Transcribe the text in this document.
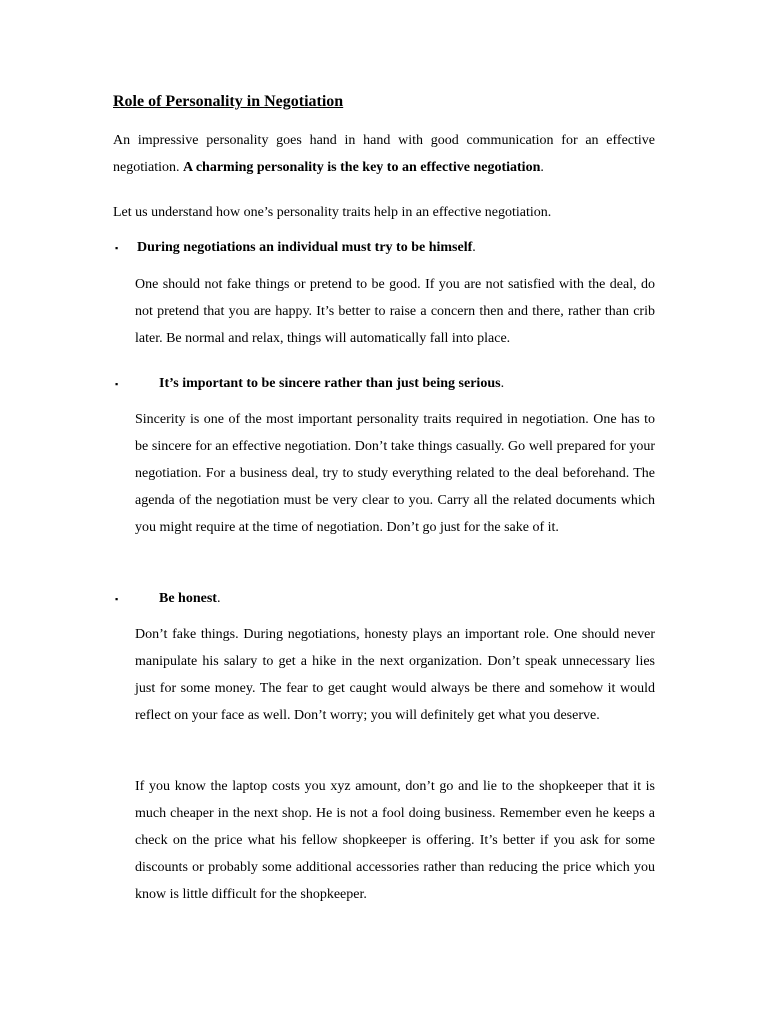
Role of Personality in Negotiation
An impressive personality goes hand in hand with good communication for an effective negotiation. A charming personality is the key to an effective negotiation.
Let us understand how one’s personality traits help in an effective negotiation.
▪ During negotiations an individual must try to be himself.
One should not fake things or pretend to be good. If you are not satisfied with the deal, do not pretend that you are happy. It’s better to raise a concern then and there, rather than crib later. Be normal and relax, things will automatically fall into place.
▪	It’s important to be sincere rather than just being serious.
Sincerity is one of the most important personality traits required in negotiation. One has to be sincere for an effective negotiation. Don’t take things casually. Go well prepared for your negotiation. For a business deal, try to study everything related to the deal beforehand. The agenda of the negotiation must be very clear to you. Carry all the related documents which you might require at the time of negotiation. Don’t go just for the sake of it.
▪	Be honest.
Don’t fake things. During negotiations, honesty plays an important role. One should never manipulate his salary to get a hike in the next organization. Don’t speak unnecessary lies just for some money. The fear to get caught would always be there and somehow it would reflect on your face as well. Don’t worry; you will definitely get what you deserve.
If you know the laptop costs you xyz amount, don’t go and lie to the shopkeeper that it is much cheaper in the next shop. He is not a fool doing business. Remember even he keeps a check on the price what his fellow shopkeeper is offering. It’s better if you ask for some discounts or probably some additional accessories rather than reducing the price which you know is little difficult for the shopkeeper.
